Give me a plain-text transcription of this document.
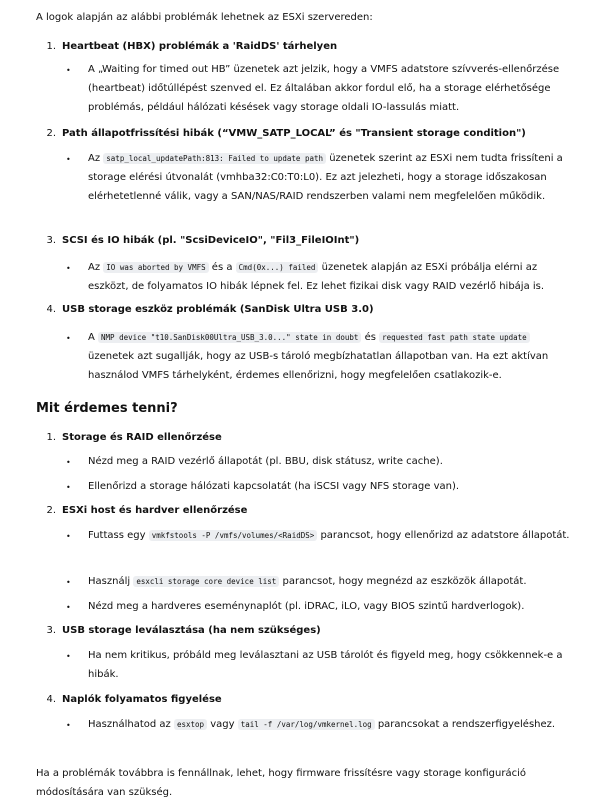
A logok alapján az alábbi problémák lehetnek az ESXi szervereden:

1. Heartbeat (HBX) problémák a 'RaidDS' tárhelyen
• A „Waiting for timed out HB” üzenetek azt jelzik, hogy a VMFS adatstore szívverés-ellenőrzése (heartbeat) időtúllépést szenved el. Ez általában akkor fordul elő, ha a storage elérhetősége problémás, például hálózati késések vagy storage oldali IO-lassulás miatt.
2. Path állapotfrissítési hibák (“VMW_SATP_LOCAL” és "Transient storage condition")
• Az satp_local_updatePath:813: Failed to update path üzenetek szerint az ESXi nem tudta frissíteni a storage elérési útvonalát (vmhba32:C0:T0:L0). Ez azt jelezheti, hogy a storage időszakosan elérhetetlenné válik, vagy a SAN/NAS/RAID rendszerben valami nem megfelelően működik.
3. SCSI és IO hibák (pl. "ScsiDeviceIO", "Fil3_FileIOInt")
• Az IO was aborted by VMFS és a Cmd(0x...) failed üzenetek alapján az ESXi próbálja elérni az eszközt, de folyamatos IO hibák lépnek fel. Ez lehet fizikai disk vagy RAID vezérlő hibája is.
4. USB storage eszköz problémák (SanDisk Ultra USB 3.0)
• A NMP device "t10.SanDisk00Ultra_USB_3.0..." state in doubt és requested fast path state update üzenetek azt sugallják, hogy az USB-s tároló megbízhatatlan állapotban van. Ha ezt aktívan használod VMFS tárhelyként, érdemes ellenőrizni, hogy megfelelően csatlakozik-e.
Mit érdemes tenni?
1. Storage és RAID ellenőrzése
• Nézd meg a RAID vezérlő állapotát (pl. BBU, disk státusz, write cache).
• Ellenőrizd a storage hálózati kapcsolatát (ha iSCSI vagy NFS storage van).
2. ESXi host és hardver ellenőrzése
• Futtass egy vmkfstools -P /vmfs/volumes/<RaidDS> parancsot, hogy ellenőrizd az adatstore állapotát.
• Használj esxcli storage core device list parancsot, hogy megnézd az eszközök állapotát.
• Nézd meg a hardveres eseménynaplót (pl. iDRAC, iLO, vagy BIOS szintű hardverlogok).
3. USB storage leválasztása (ha nem szükséges)
• Ha nem kritikus, próbáld meg leválasztani az USB tárolót és figyeld meg, hogy csökkennek-e a hibák.
4. Naplók folyamatos figyelése
• Használhatod az esxtop vagy tail -f /var/log/vmkernel.log parancsokat a rendszerfigyeléshez.

Ha a problémák továbbra is fennállnak, lehet, hogy firmware frissítésre vagy storage konfiguráció módosítására van szükség.
